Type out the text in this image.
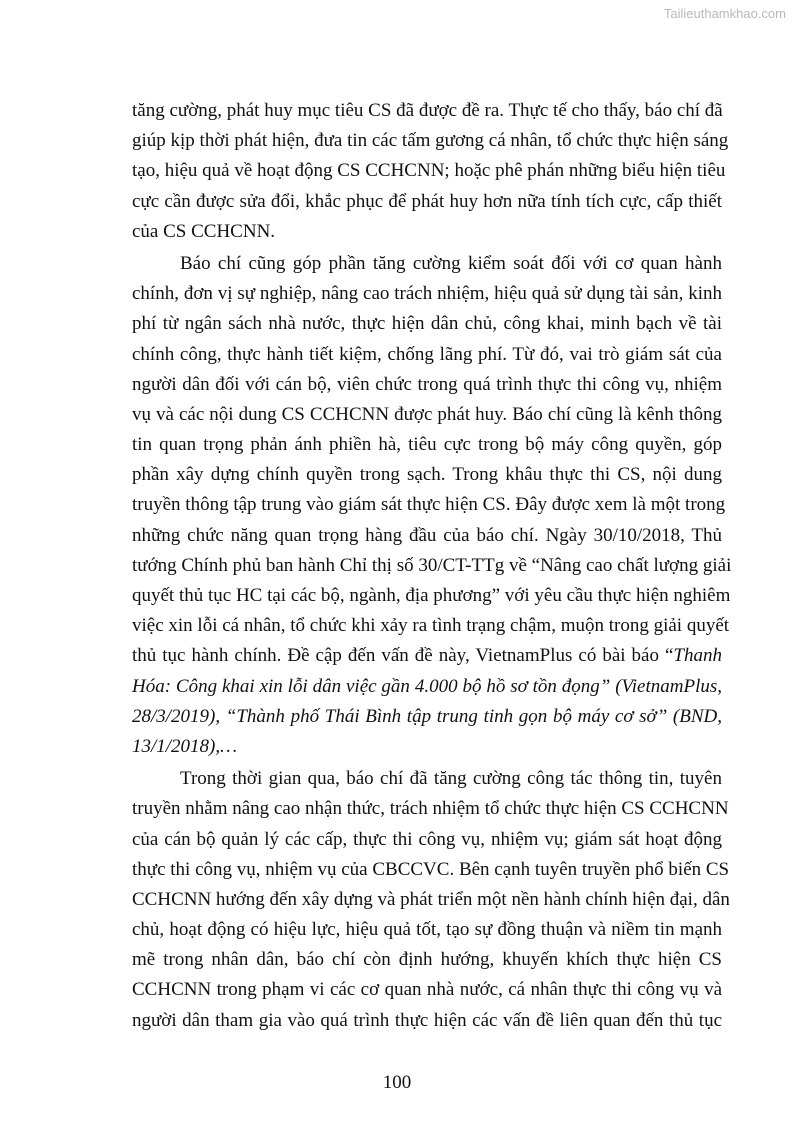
Tailieuthamkhao.com
tăng cường, phát huy mục tiêu CS đã được đề ra. Thực tế cho thấy, báo chí đã
giúp kịp thời phát hiện, đưa tin các tấm gương cá nhân, tổ chức thực hiện sáng
tạo, hiệu quả về hoạt động CS CCHCNN; hoặc phê phán những biểu hiện tiêu
cực cần được sửa đổi, khắc phục để phát huy hơn nữa tính tích cực, cấp thiết
của CS CCHCNN.
Báo chí cũng góp phần tăng cường kiểm soát đối với cơ quan hành
chính, đơn vị sự nghiệp, nâng cao trách nhiệm, hiệu quả sử dụng tài sản, kinh
phí từ ngân sách nhà nước, thực hiện dân chủ, công khai, minh bạch về tài
chính công, thực hành tiết kiệm, chống lãng phí. Từ đó, vai trò giám sát của
người dân đối với cán bộ, viên chức trong quá trình thực thi công vụ, nhiệm
vụ và các nội dung CS CCHCNN được phát huy. Báo chí cũng là kênh thông
tin quan trọng phản ánh phiền hà, tiêu cực trong bộ máy công quyền, góp
phần xây dựng chính quyền trong sạch. Trong khâu thực thi CS, nội dung
truyền thông tập trung vào giám sát thực hiện CS. Đây được xem là một trong
những chức năng quan trọng hàng đầu của báo chí. Ngày 30/10/2018, Thủ
tướng Chính phủ ban hành Chỉ thị số 30/CT-TTg về “Nâng cao chất lượng giải
quyết thủ tục HC tại các bộ, ngành, địa phương” với yêu cầu thực hiện nghiêm
việc xin lỗi cá nhân, tổ chức khi xảy ra tình trạng chậm, muộn trong giải quyết
thủ tục hành chính. Đề cập đến vấn đề này, VietnamPlus có bài báo “Thanh
Hóa: Công khai xin lỗi dân việc gần 4.000 bộ hồ sơ tồn đọng” (VietnamPlus,
28/3/2019), “Thành phố Thái Bình tập trung tinh gọn bộ máy cơ sở” (BND,
13/1/2018),…
Trong thời gian qua, báo chí đã tăng cường công tác thông tin, tuyên
truyền nhằm nâng cao nhận thức, trách nhiệm tổ chức thực hiện CS CCHCNN
của cán bộ quản lý các cấp, thực thi công vụ, nhiệm vụ; giám sát hoạt động
thực thi công vụ, nhiệm vụ của CBCCVC. Bên cạnh tuyên truyền phổ biến CS
CCHCNN hướng đến xây dựng và phát triển một nền hành chính hiện đại, dân
chủ, hoạt động có hiệu lực, hiệu quả tốt, tạo sự đồng thuận và niềm tin mạnh
mẽ trong nhân dân, báo chí còn định hướng, khuyến khích thực hiện CS
CCHCNN trong phạm vi các cơ quan nhà nước, cá nhân thực thi công vụ và
người dân tham gia vào quá trình thực hiện các vấn đề liên quan đến thủ tục
100
